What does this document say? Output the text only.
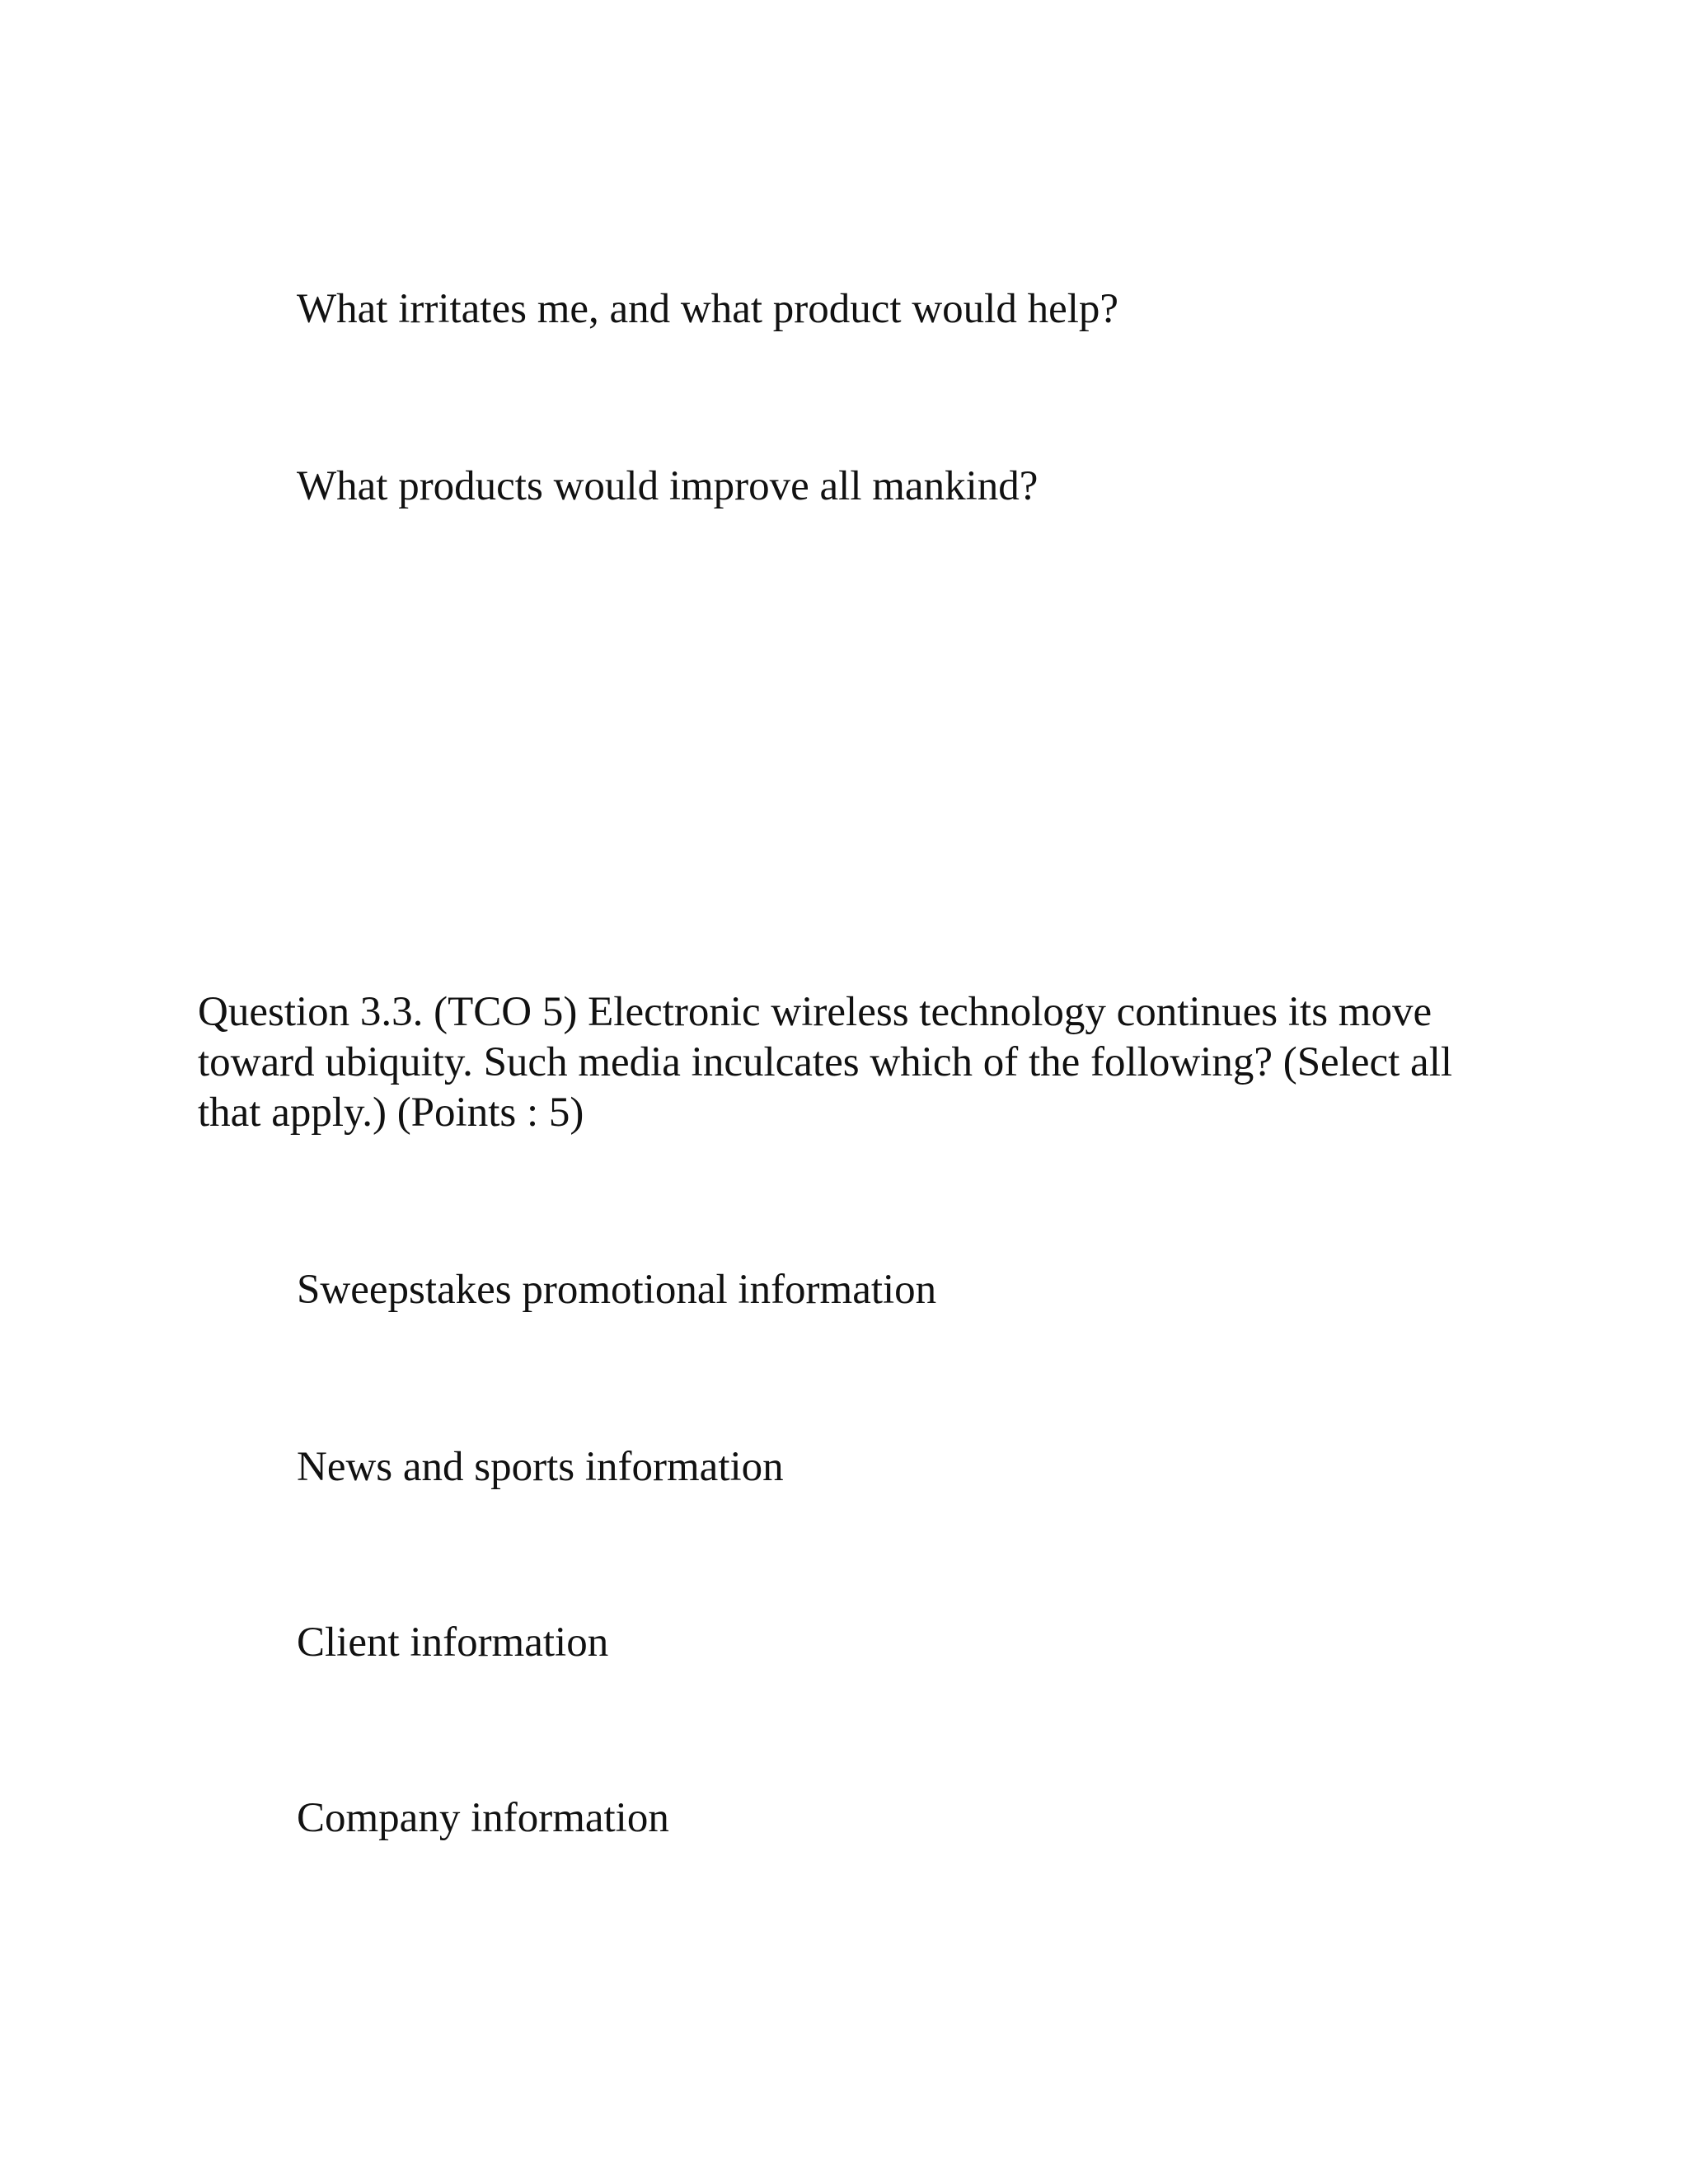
What irritates me, and what product would help?

What products would improve all mankind?

Question 3.3. (TCO 5) Electronic wireless technology continues its move toward ubiquity. Such media inculcates which of the following? (Select all that apply.) (Points : 5)

Sweepstakes promotional information

News and sports information

Client information

Company information
